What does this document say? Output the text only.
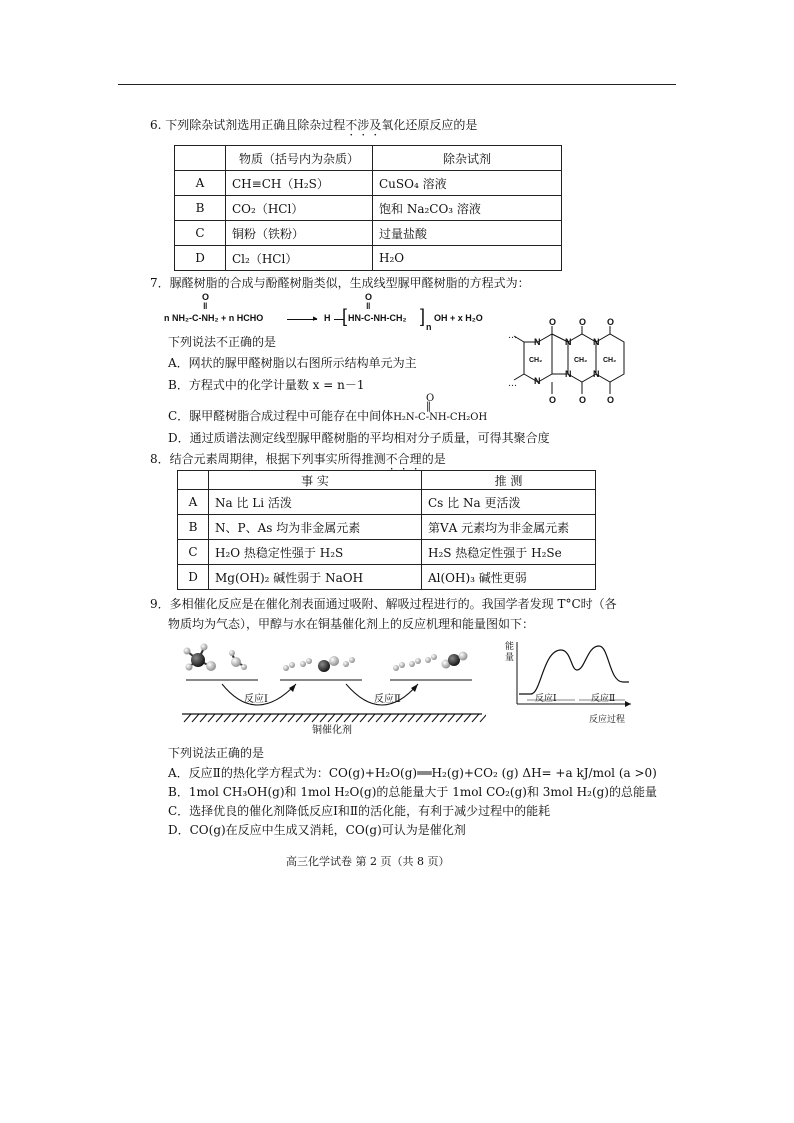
6. 下列除杂试剂选用正确且除杂过程不涉及氧化还原反应的是
	物质（括号内为杂质）	除杂试剂
A	CH≡CH（H₂S）	CuSO₄ 溶液
B	CO₂（HCl）	饱和 Na₂CO₃ 溶液
C	铜粉（铁粉）	过量盐酸
D	Cl₂（HCl）	H₂O
7．脲醛树脂的合成与酚醛树脂类似，生成线型脲甲醛树脂的方程式为：
O
‖
n NH₂-C-NH₂ + n HCHO	▸ H [
O
‖
HN-C-NH-CH₂ ]
n
OH + x H₂O	O	O O
O	O O
N
N
N
N
N
N
CH₂	CH₂ CH₂
…
…
下列说法不正确的是
A．网状的脲甲醛树脂以右图所示结构单元为主
B．方程式中的化学计量数 x = n－1
C．脲甲醛树脂合成过程中可能存在中间体H₂N-C-NH-CH₂OH
O
‖
D．通过质谱法测定线型脲甲醛树脂的平均相对分子质量，可得其聚合度
8．结合元素周期律，根据下列事实所得推测不合理的是
	事 实	推 测
A	Na 比 Li 活泼	Cs 比 Na 更活泼
B	N、P、As 均为非金属元素	第ⅤA 元素均为非金属元素
C	H₂O 热稳定性强于 H₂S	H₂S 热稳定性强于 H₂Se
D	Mg(OH)₂ 碱性弱于 NaOH	Al(OH)₃ 碱性更弱
9．多相催化反应是在催化剂表面通过吸附、解吸过程进行的。我国学者发现 T°C时（各
物质均为气态），甲醇与水在铜基催化剂上的反应机理和能量图如下：
反应Ⅰ	反应Ⅱ
铜催化剂
反应Ⅰ	反应Ⅱ
反应过程
能量
下列说法正确的是
A．反应Ⅱ的热化学方程式为：CO(g)+H₂O(g)══H₂(g)+CO₂ (g) ΔH= +a kJ/mol (a >0)
B．1mol CH₃OH(g)和 1mol H₂O(g)的总能量大于 1mol CO₂(g)和 3mol H₂(g)的总能量
C．选择优良的催化剂降低反应Ⅰ和Ⅱ的活化能，有利于减少过程中的能耗
D．CO(g)在反应中生成又消耗，CO(g)可认为是催化剂
高三化学试卷 第 2 页（共 8 页）
